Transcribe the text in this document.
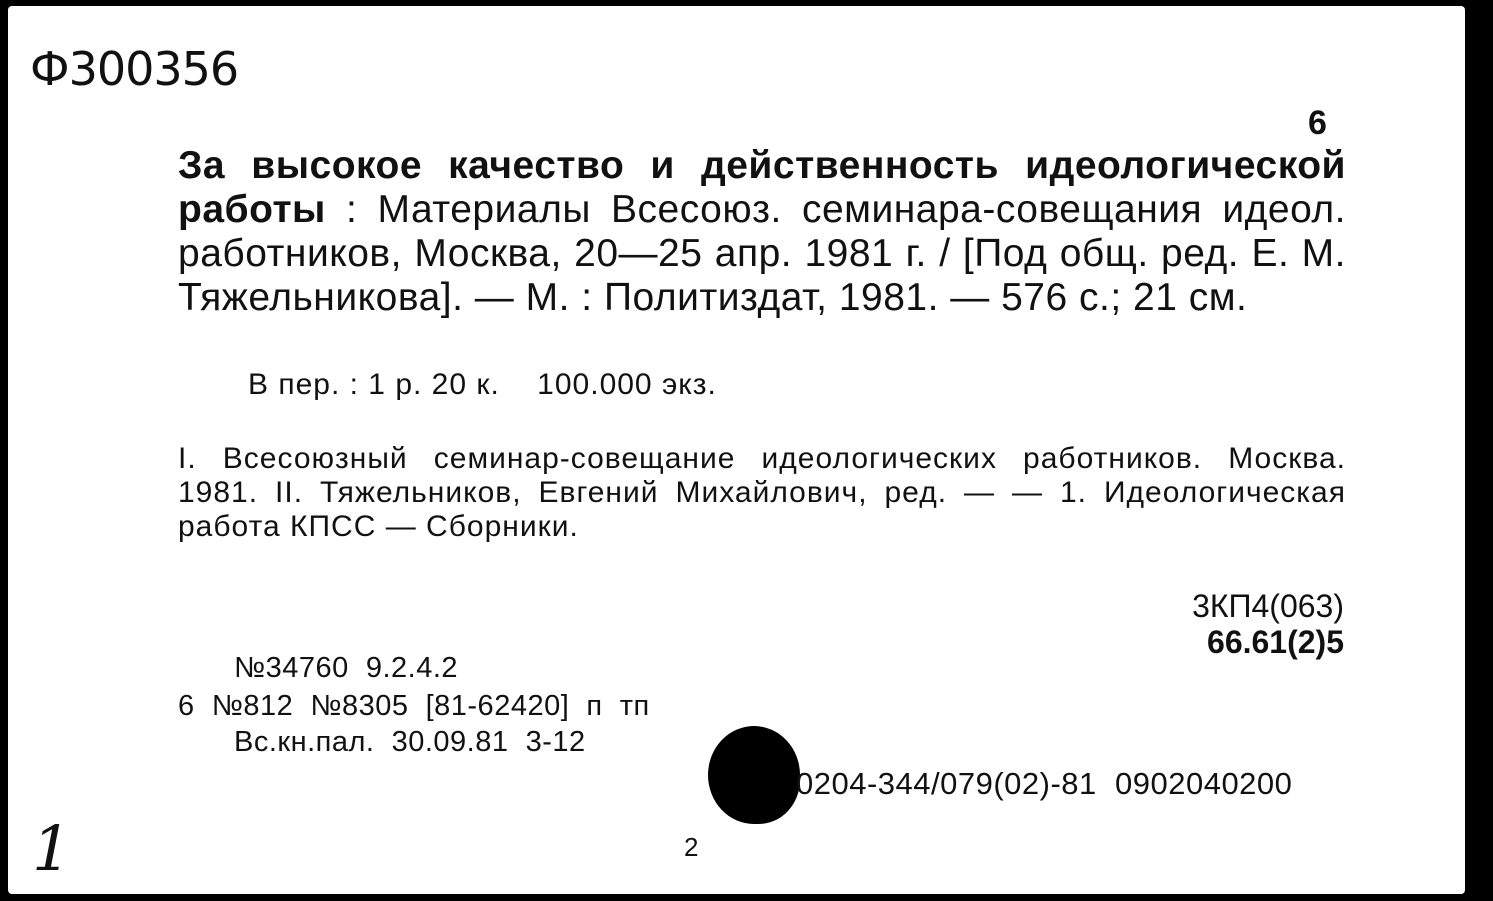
Ф300356
6
За высокое качество и действенность идеологической работы : Материалы Всесоюз. семинара-совещания идеол. работников, Москва, 20—25 апр. 1981 г. / [Под общ. ред. Е. М. Тяжельникова]. — М. : Политиздат, 1981. — 576 с.; 21 см.
В пер. : 1 р. 20 к.    100.000 экз.
I. Всесоюзный семинар-совещание идеологических работников. Москва. 1981. II. Тяжельников, Евгений Михайлович, ред. — — 1. Идеологическая работа КПСС — Сборники.
3КП4(063)
66.61(2)5
№34760  9.2.4.2
6  №812  №8305  [81-62420]  п  тп
Вс.кн.пал.  30.09.81  3-12
0204-344/079(02)-81  0902040200
1	2
